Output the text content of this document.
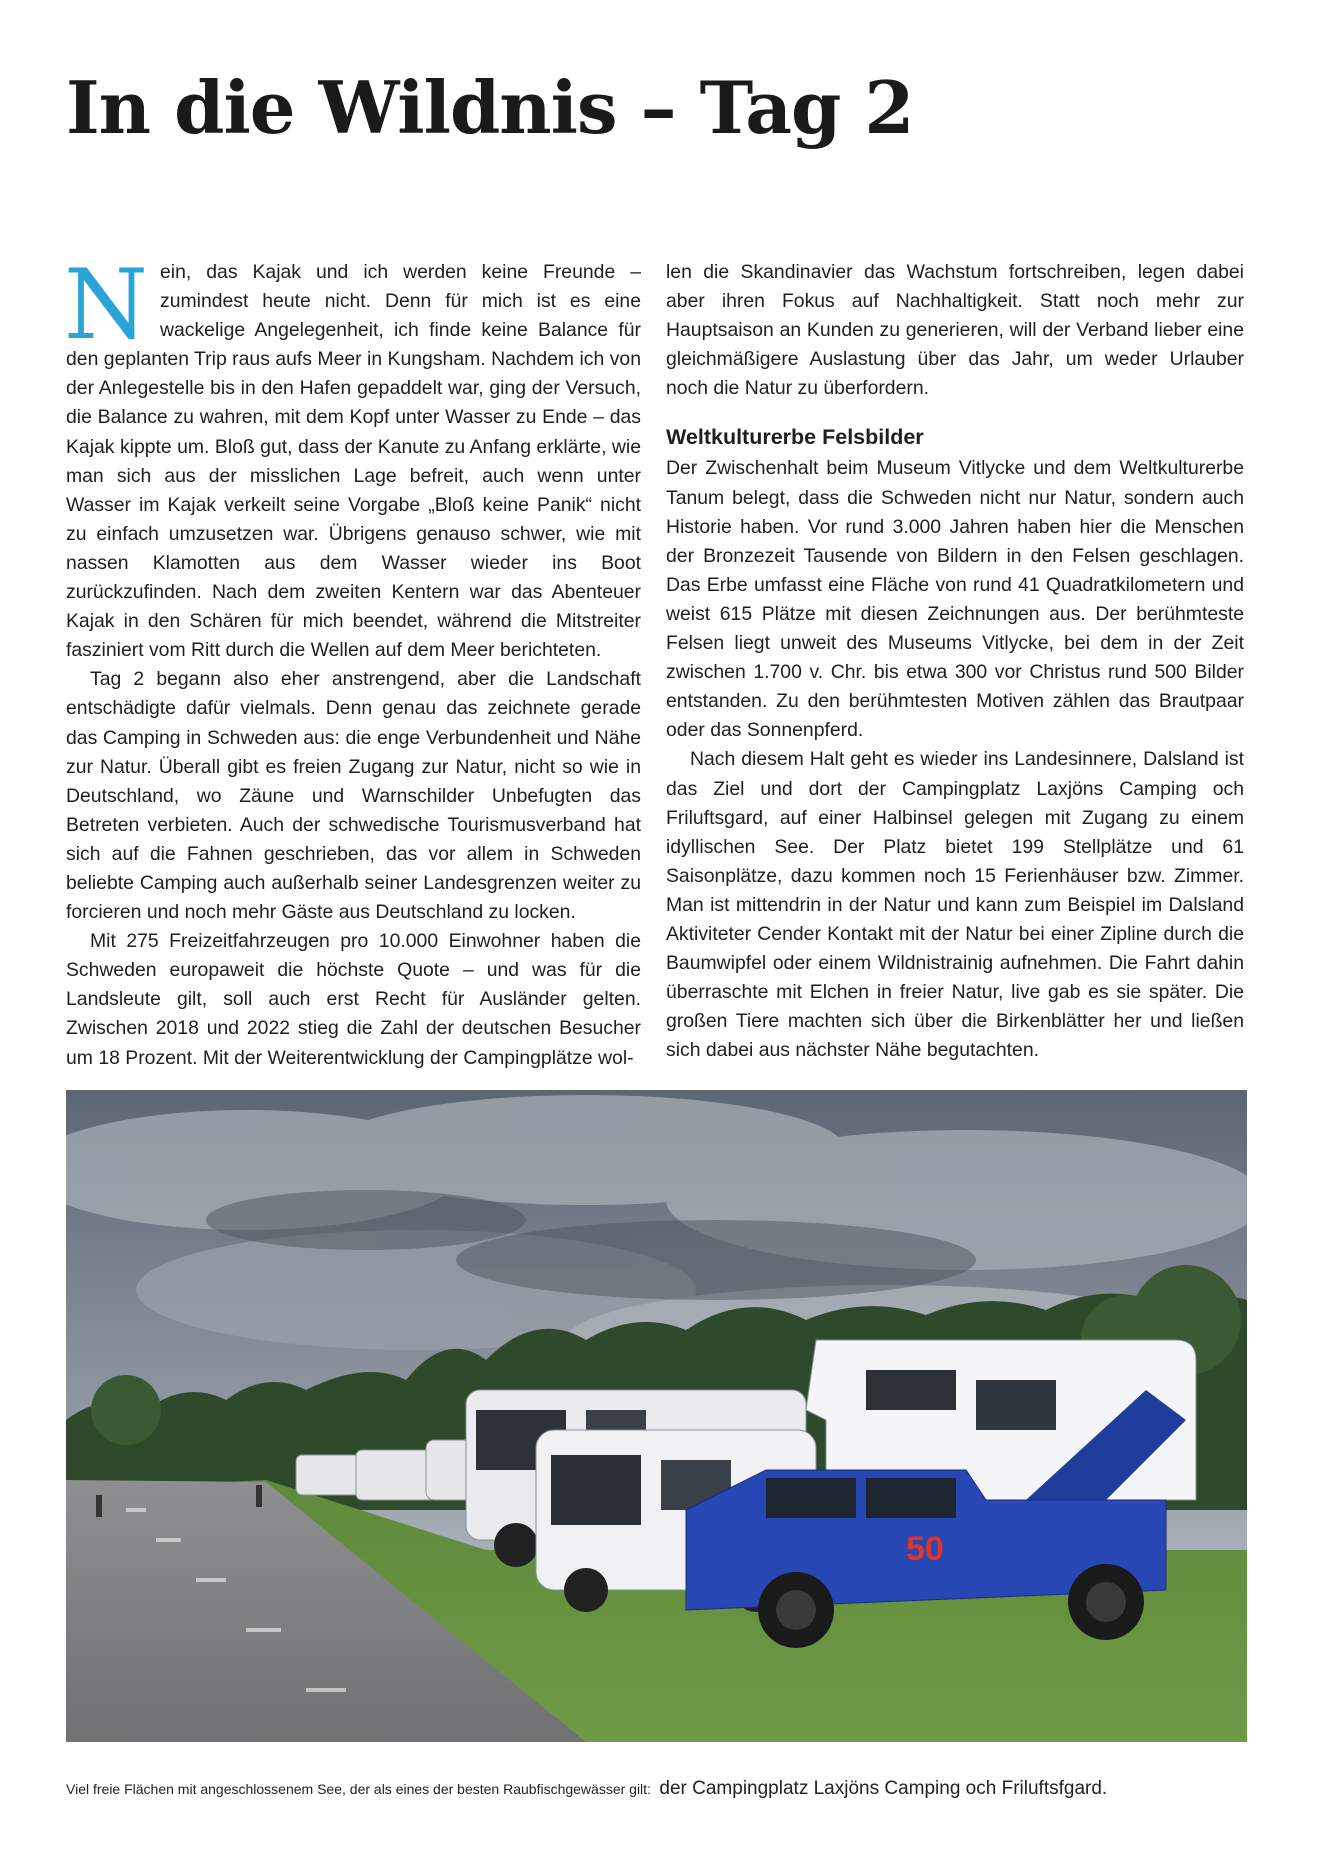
In die Wildnis – Tag 2

Nein, das Kajak und ich werden keine Freunde – zumindest heute nicht. Denn für mich ist es eine wackelige Angelegenheit, ich finde keine Balance für den geplanten Trip raus aufs Meer in Kungsham. Nachdem ich von der Anlegestelle bis in den Hafen gepaddelt war, ging der Versuch, die Balance zu wahren, mit dem Kopf unter Wasser zu Ende – das Kajak kippte um. Bloß gut, dass der Kanute zu Anfang erklärte, wie man sich aus der misslichen Lage befreit, auch wenn unter Wasser im Kajak verkeilt seine Vorgabe „Bloß keine Panik“ nicht zu einfach umzusetzen war. Übrigens genauso schwer, wie mit nassen Klamotten aus dem Wasser wieder ins Boot zurückzufinden. Nach dem zweiten Kentern war das Abenteuer Kajak in den Schären für mich beendet, während die Mitstreiter fasziniert vom Ritt durch die Wellen auf dem Meer berichteten.

Tag 2 begann also eher anstrengend, aber die Landschaft entschädigte dafür vielmals. Denn genau das zeichnete gerade das Camping in Schweden aus: die enge Verbundenheit und Nähe zur Natur. Überall gibt es freien Zugang zur Natur, nicht so wie in Deutschland, wo Zäune und Warnschilder Unbefugten das Betreten verbieten. Auch der schwedische Tourismusverband hat sich auf die Fahnen geschrieben, das vor allem in Schweden beliebte Camping auch außerhalb seiner Landesgrenzen weiter zu forcieren und noch mehr Gäste aus Deutschland zu locken.

Mit 275 Freizeitfahrzeugen pro 10.000 Einwohner haben die Schweden europaweit die höchste Quote – und was für die Landsleute gilt, soll auch erst Recht für Ausländer gelten. Zwischen 2018 und 2022 stieg die Zahl der deutschen Besucher um 18 Prozent. Mit der Weiterentwicklung der Campingplätze wol-

len die Skandinavier das Wachstum fortschreiben, legen dabei aber ihren Fokus auf Nachhaltigkeit. Statt noch mehr zur Hauptsaison an Kunden zu generieren, will der Verband lieber eine gleichmäßigere Auslastung über das Jahr, um weder Urlauber noch die Natur zu überfordern.

Weltkulturerbe Felsbilder

Der Zwischenhalt beim Museum Vitlycke und dem Weltkulturerbe Tanum belegt, dass die Schweden nicht nur Natur, sondern auch Historie haben. Vor rund 3.000 Jahren haben hier die Menschen der Bronzezeit Tausende von Bildern in den Felsen geschlagen. Das Erbe umfasst eine Fläche von rund 41 Quadratkilometern und weist 615 Plätze mit diesen Zeichnungen aus. Der berühmteste Felsen liegt unweit des Museums Vitlycke, bei dem in der Zeit zwischen 1.700 v. Chr. bis etwa 300 vor Christus rund 500 Bilder entstanden. Zu den berühmtesten Motiven zählen das Brautpaar oder das Sonnenpferd.

Nach diesem Halt geht es wieder ins Landesinnere, Dalsland ist das Ziel und dort der Campingplatz Laxjöns Camping och Friluftsgard, auf einer Halbinsel gelegen mit Zugang zu einem idyllischen See. Der Platz bietet 199 Stellplätze und 61 Saisonplätze, dazu kommen noch 15 Ferienhäuser bzw. Zimmer. Man ist mittendrin in der Natur und kann zum Beispiel im Dalsland Aktiviteter Cender Kontakt mit der Natur bei einer Zipline durch die Baumwipfel oder einem Wildnistrainig aufnehmen. Die Fahrt dahin überraschte mit Elchen in freier Natur, live gab es sie später. Die großen Tiere machten sich über die Birkenblätter her und ließen sich dabei aus nächster Nähe begutachten.

50
Viel freie Flächen mit angeschlossenem See, der als eines der besten Raubfischgewässer gilt: der Campingplatz Laxjöns Camping och Friluftsfgard.
